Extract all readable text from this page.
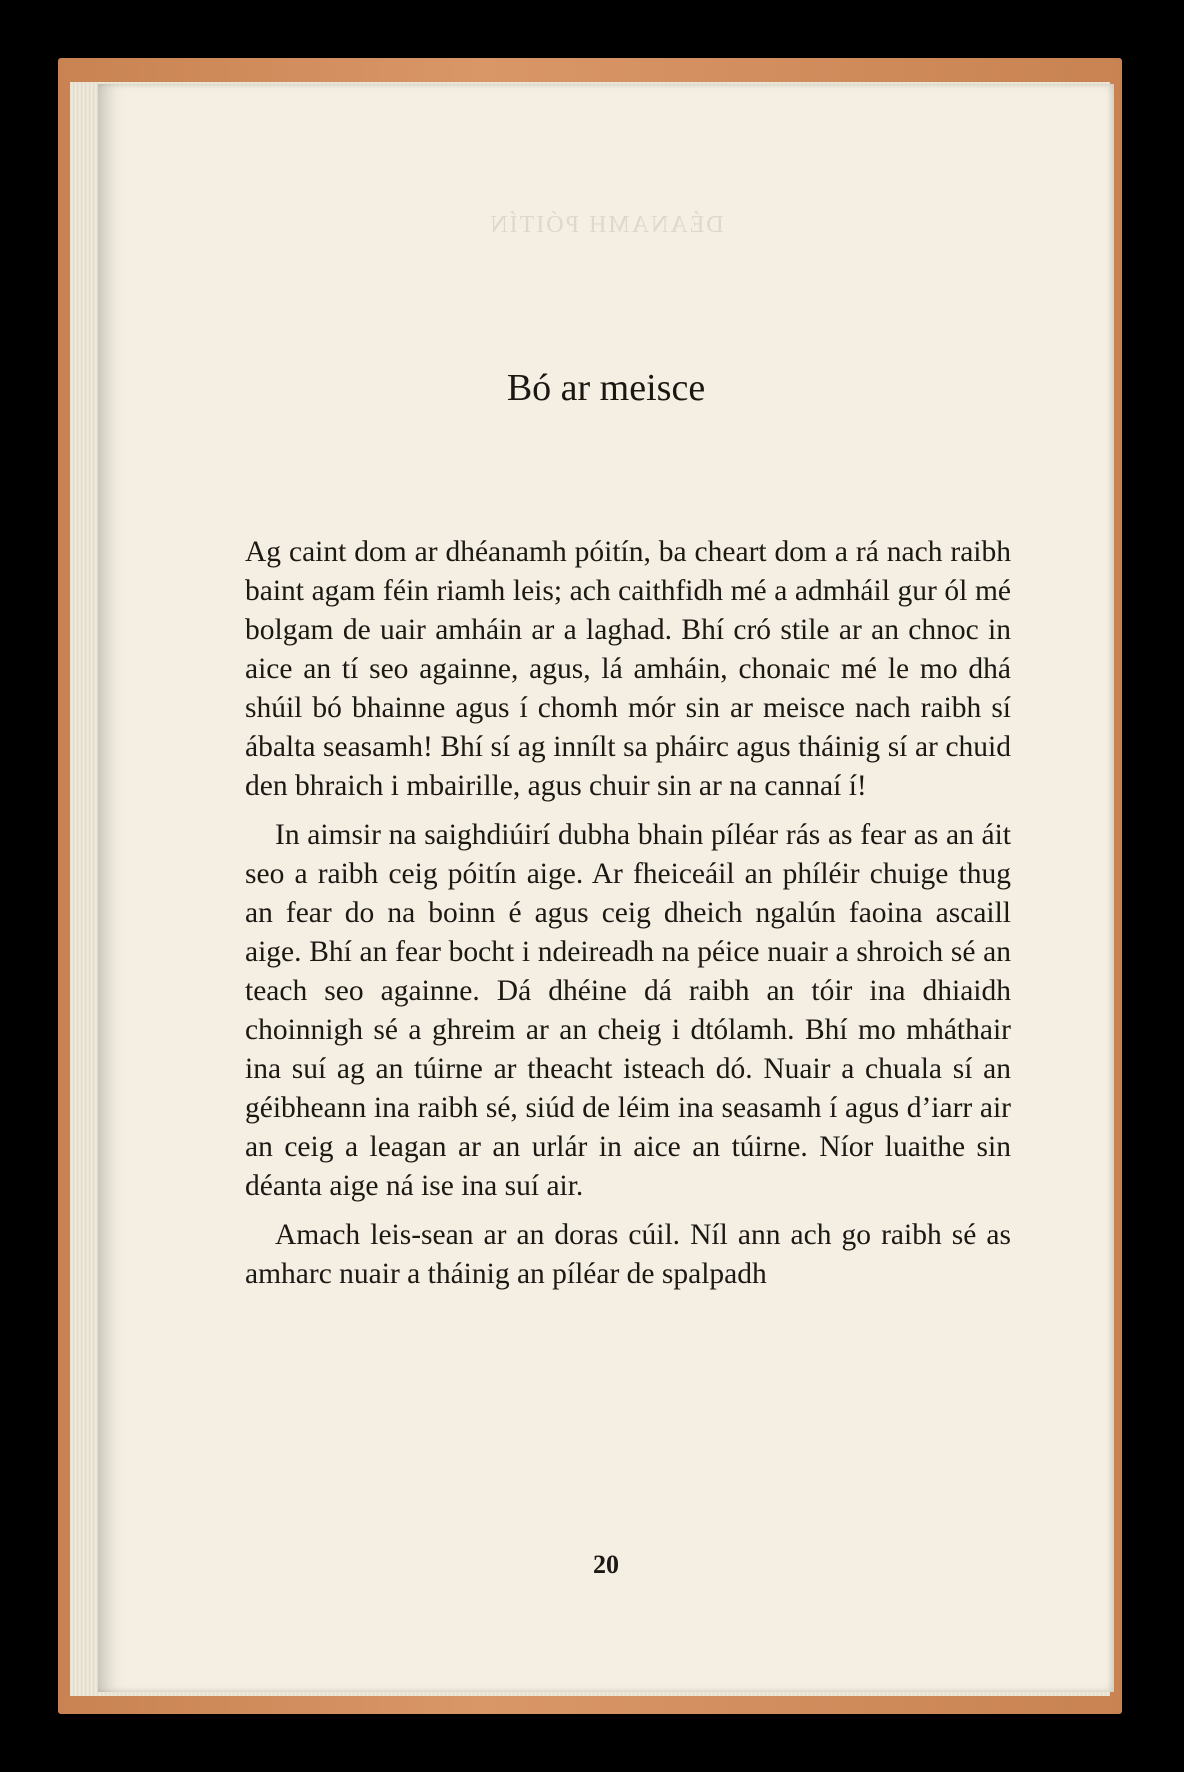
DÉANAMH PÓITÍN
Bó ar meisce

Ag caint dom ar dhéanamh póitín, ba cheart dom a rá nach raibh baint agam féin riamh leis; ach caithfidh mé a admháil gur ól mé bolgam de uair amháin ar a laghad. Bhí cró stile ar an chnoc in aice an tí seo againne, agus, lá amháin, chonaic mé le mo dhá shúil bó bhainne agus í chomh mór sin ar meisce nach raibh sí ábalta seasamh! Bhí sí ag innílt sa pháirc agus tháinig sí ar chuid den bhraich i mbairille, agus chuir sin ar na cannaí í!

In aimsir na saighdiúirí dubha bhain píléar rás as fear as an áit seo a raibh ceig póitín aige. Ar fheiceáil an phíléir chuige thug an fear do na boinn é agus ceig dheich ngalún faoina ascaill aige. Bhí an fear bocht i ndeireadh na péice nuair a shroich sé an teach seo againne. Dá dhéine dá raibh an tóir ina dhiaidh choinnigh sé a ghreim ar an cheig i dtólamh. Bhí mo mháthair ina suí ag an túirne ar theacht isteach dó. Nuair a chuala sí an géibheann ina raibh sé, siúd de léim ina seasamh í agus d’iarr air an ceig a leagan ar an urlár in aice an túirne. Níor luaithe sin déanta aige ná ise ina suí air.

Amach leis-sean ar an doras cúil. Níl ann ach go raibh sé as amharc nuair a tháinig an píléar de spalpadh

20
